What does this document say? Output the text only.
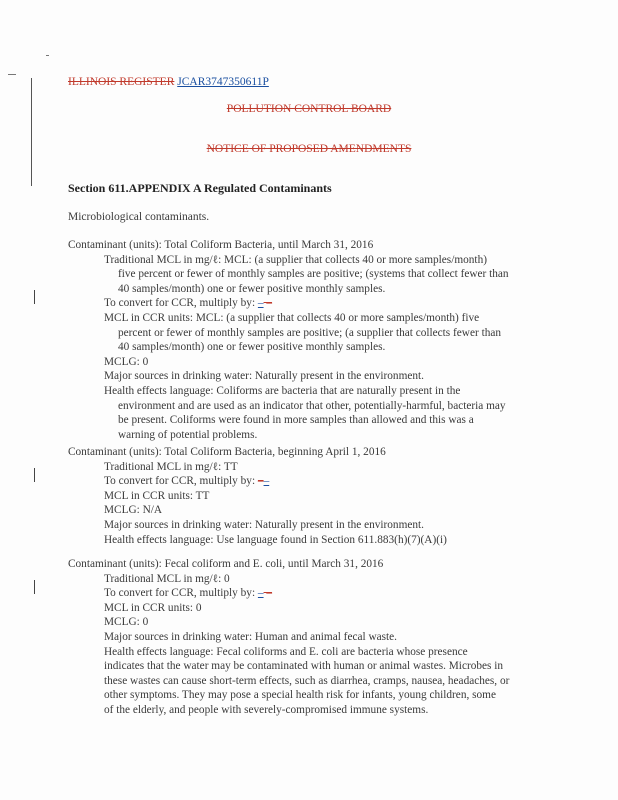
ILLINOIS REGISTER JCAR3747350611P
POLLUTION CONTROL BOARD
NOTICE OF PROPOSED AMENDMENTS
Section 611.APPENDIX A Regulated Contaminants
Microbiological contaminants.
Contaminant (units): Total Coliform Bacteria, until March 31, 2016
Traditional MCL in mg/ℓ: MCL: (a supplier that collects 40 or more samples/month)
five percent or fewer of monthly samples are positive; (systems that collect fewer than
40 samples/month) one or fewer positive monthly samples.
To convert for CCR, multiply by: – –
MCL in CCR units: MCL: (a supplier that collects 40 or more samples/month) five
percent or fewer of monthly samples are positive; (a supplier that collects fewer than
40 samples/month) one or fewer positive monthly samples.
MCLG: 0
Major sources in drinking water: Naturally present in the environment.
Health effects language: Coliforms are bacteria that are naturally present in the
environment and are used as an indicator that other, potentially-harmful, bacteria may
be present. Coliforms were found in more samples than allowed and this was a
warning of potential problems.
Contaminant (units): Total Coliform Bacteria, beginning April 1, 2016
Traditional MCL in mg/ℓ: TT
To convert for CCR, multiply by: ––
MCL in CCR units: TT
MCLG: N/A
Major sources in drinking water: Naturally present in the environment.
Health effects language: Use language found in Section 611.883(h)(7)(A)(i)
Contaminant (units): Fecal coliform and E. coli, until March 31, 2016
Traditional MCL in mg/ℓ: 0
To convert for CCR, multiply by: – –
MCL in CCR units: 0
MCLG: 0
Major sources in drinking water: Human and animal fecal waste.
Health effects language: Fecal coliforms and E. coli are bacteria whose presence
indicates that the water may be contaminated with human or animal wastes. Microbes in
these wastes can cause short-term effects, such as diarrhea, cramps, nausea, headaches, or
other symptoms. They may pose a special health risk for infants, young children, some
of the elderly, and people with severely-compromised immune systems.
